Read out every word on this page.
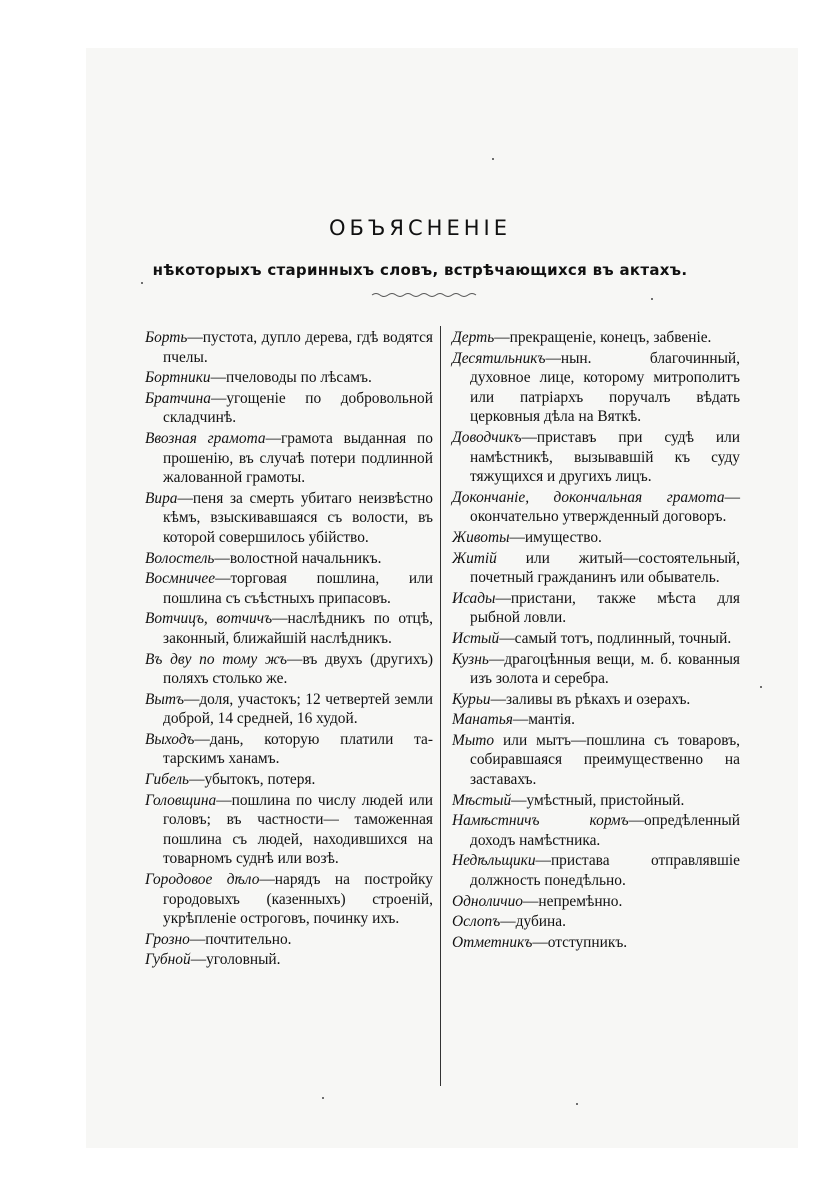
ОБЪЯСНЕНІЕ
нѣкоторыхъ старинныхъ словъ, встрѣчающихся въ актахъ.
Борть—пустота, дупло дерева, гдѣ водятся пчелы.
Бортники—пчеловоды по лѣсамъ.
Братчина—угощеніе по добровольной складчинѣ.
Ввозная грамота—грамота выданная по прошенію, въ случаѣ потери подлинной жалованной грамоты.
Вира—пеня за смерть убитаго неизвѣстно кѣмъ, взыскивавшаяся съ волости, въ которой совершилось убійство.
Волостель—волостной начальникъ.
Восмничее—торговая пошлина, или пошлина съ съѣстныхъ припасовъ.
Вотчицъ, вотчичъ—наслѣдникъ по отцѣ, законный, ближайшій наслѣдникъ.
Въ дву по тому жъ—въ двухъ (другихъ) поляхъ столько же.
Вытъ—доля, участокъ; 12 четвертей земли доброй, 14 средней, 16 худой.
Выходъ—дань, которую платили татарскимъ ханамъ.
Гибель—убытокъ, потеря.
Головщина—пошлина по числу людей или головъ; въ частности— таможенная пошлина съ людей, находившихся на товарномъ суднѣ или возѣ.
Городовое дѣло—нарядъ на постройку городовыхъ (казенныхъ) строеній, укрѣпленіе остроговъ, починку ихъ.
Грозно—почтительно.
Губной—уголовный.
Дерть—прекращеніе, конецъ, забвеніе.
Десятильникъ—нын. благочинный, духовное лице, которому митрополитъ или патріархъ поручалъ вѣдать церковныя дѣла на Вяткѣ.
Доводчикъ—приставъ при судѣ или намѣстникѣ, вызывавшій къ суду тяжущихся и другихъ лицъ.
Докончаніе, докончальная грамота—окончательно утвержденный договоръ.
Животы—имущество.
Житій или житый—состоятельный, почетный гражданинъ или обыватель.
Исады—пристани, также мѣста для рыбной ловли.
Истый—самый тотъ, подлинный, точный.
Кузнь—драгоцѣнныя вещи, м. б. кованныя изъ золота и серебра.
Курьи—заливы въ рѣкахъ и озерахъ.
Манатья—мантія.
Мыто или мытъ—пошлина съ товаровъ, собиравшаяся преимущественно на заставахъ.
Мѣстый—умѣстный, пристойный.
Намѣстничъ кормъ—опредѣленный доходъ намѣстника.
Недѣльщики—пристава отправлявшіе должность понедѣльно.
Одноличио—непремѣнно.
Ослопъ—дубина.
Отметникъ—отступникъ.
